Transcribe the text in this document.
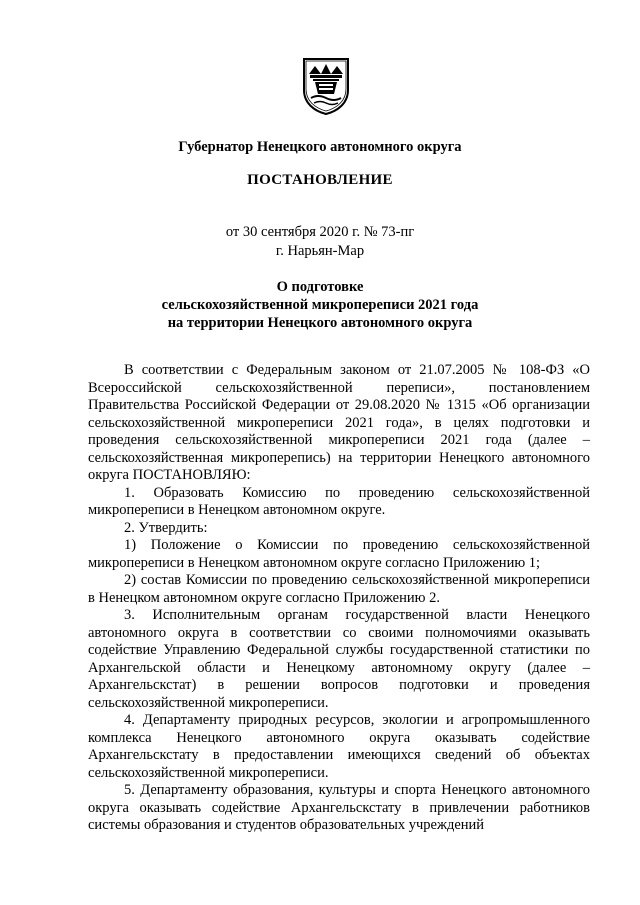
Губернатор Ненецкого автономного округа
ПОСТАНОВЛЕНИЕ
от 30 сентября 2020 г. № 73-пг
г. Нарьян-Мар
О подготовке
сельскохозяйственной микропереписи 2021 года
на территории Ненецкого автономного округа

В соответствии с Федеральным законом от 21.07.2005 № 108-ФЗ «О Всероссийской сельскохозяйственной переписи», постановлением Правительства Российской Федерации от 29.08.2020 № 1315 «Об организации сельскохозяйственной микропереписи 2021 года», в целях подготовки и проведения сельскохозяйственной микропереписи 2021 года (далее – сельскохозяйственная микроперепись) на территории Ненецкого автономного округа ПОСТАНОВЛЯЮ:

1. Образовать Комиссию по проведению сельскохозяйственной микропереписи в Ненецком автономном округе.

2. Утвердить:

1) Положение о Комиссии по проведению сельскохозяйственной микропереписи в Ненецком автономном округе согласно Приложению 1;

2) состав Комиссии по проведению сельскохозяйственной микропереписи в Ненецком автономном округе согласно Приложению 2.

3. Исполнительным органам государственной власти Ненецкого автономного округа в соответствии со своими полномочиями оказывать содействие Управлению Федеральной службы государственной статистики по Архангельской области и Ненецкому автономному округу (далее – Архангельскстат) в решении вопросов подготовки и проведения сельскохозяйственной микропереписи.

4. Департаменту природных ресурсов, экологии и агропромышленного комплекса Ненецкого автономного округа оказывать содействие Архангельскстату в предоставлении имеющихся сведений об объектах сельскохозяйственной микропереписи.

5. Департаменту образования, культуры и спорта Ненецкого автономного округа оказывать содействие Архангельскстату в привлечении работников системы образования и студентов образовательных учреждений
